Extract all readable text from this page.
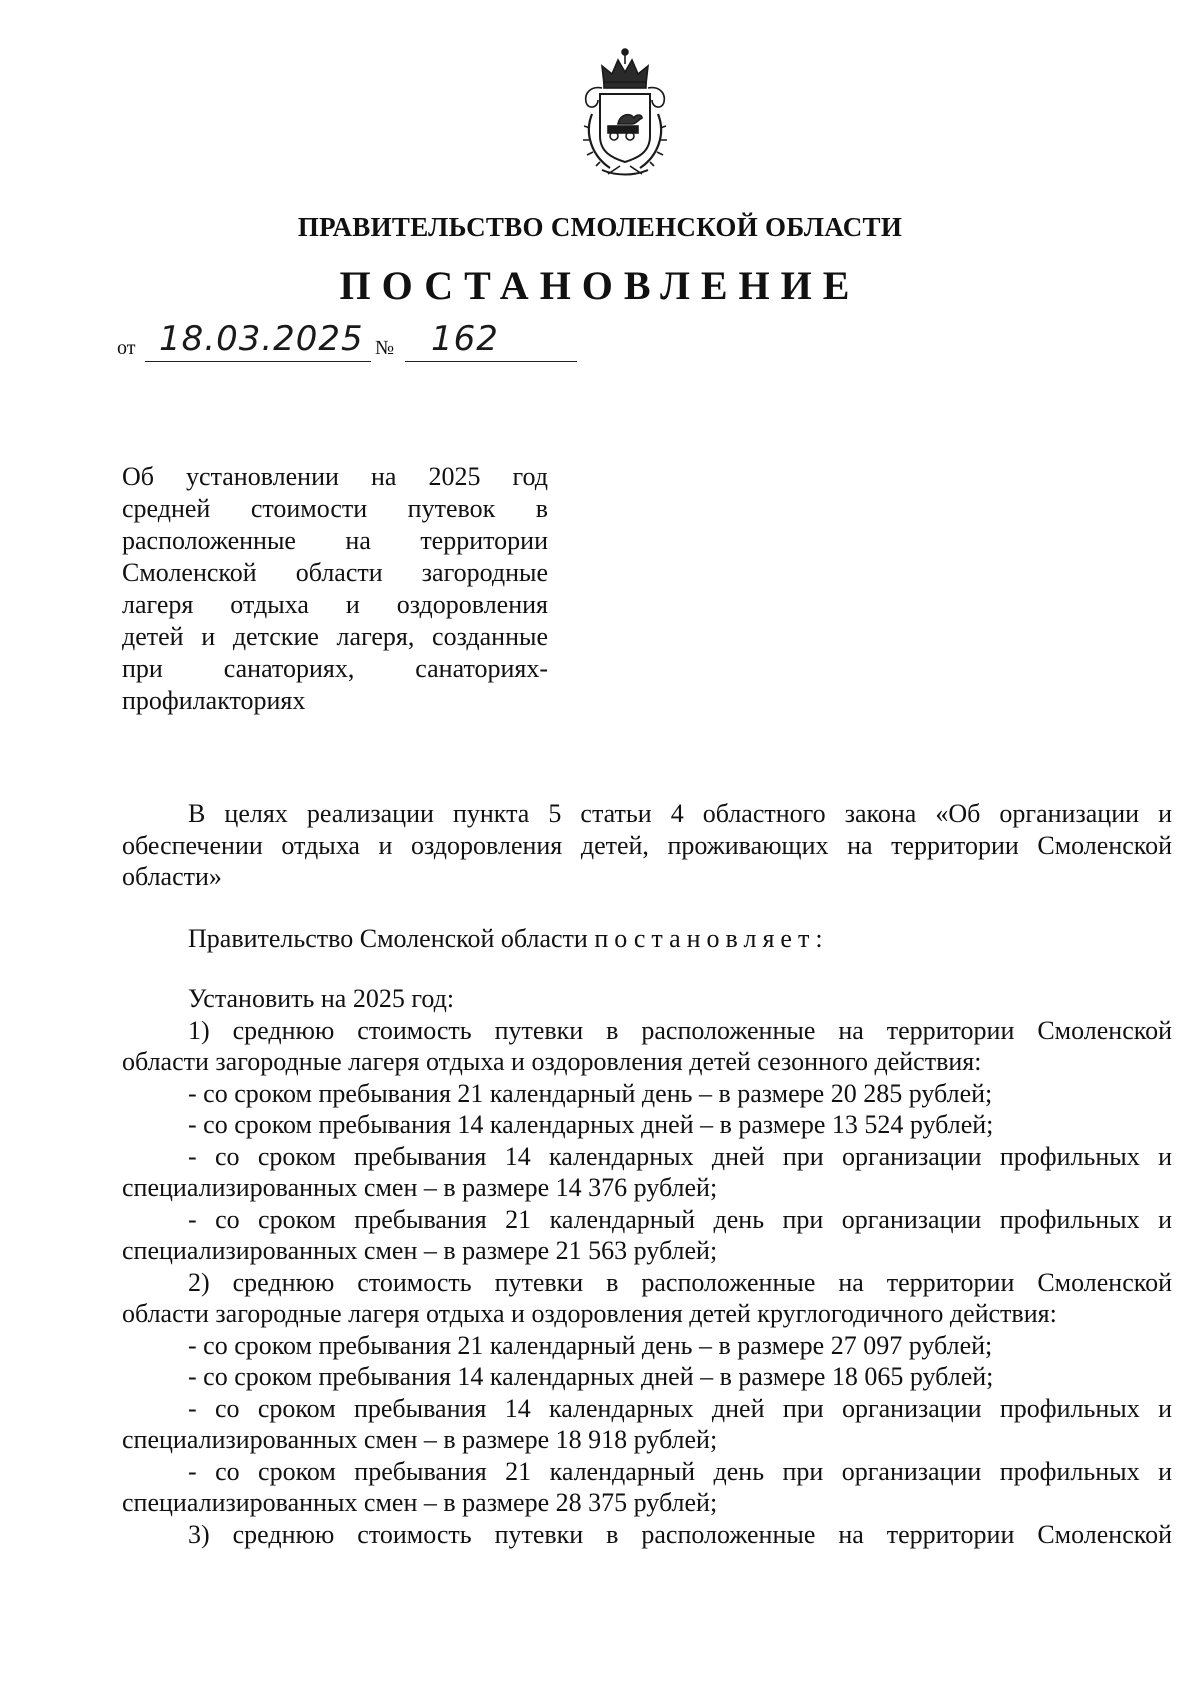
ПРАВИТЕЛЬСТВО СМОЛЕНСКОЙ ОБЛАСТИ
ПОСТАНОВЛЕНИЕ
от 18.03.2025 № 162
Об установлении на 2025 год
средней стоимости путевок в
расположенные на территории
Смоленской области загородные
лагеря отдыха и оздоровления
детей и детские лагеря, созданные
при санаториях, санаториях-
профилакториях
В целях реализации пункта 5 статьи 4 областного закона «Об организации и
обеспечении отдыха и оздоровления детей, проживающих на территории Смоленской
области»
Правительство Смоленской области постановляет:
Установить на 2025 год:
1) среднюю стоимость путевки в расположенные на территории Смоленской
области загородные лагеря отдыха и оздоровления детей сезонного действия:
- со сроком пребывания 21 календарный день – в размере 20 285 рублей;
- со сроком пребывания 14 календарных дней – в размере 13 524 рублей;
- со сроком пребывания 14 календарных дней при организации профильных и
специализированных смен – в размере 14 376 рублей;
- со сроком пребывания 21 календарный день при организации профильных и
специализированных смен – в размере 21 563 рублей;
2) среднюю стоимость путевки в расположенные на территории Смоленской
области загородные лагеря отдыха и оздоровления детей круглогодичного действия:
- со сроком пребывания 21 календарный день – в размере 27 097 рублей;
- со сроком пребывания 14 календарных дней – в размере 18 065 рублей;
- со сроком пребывания 14 календарных дней при организации профильных и
специализированных смен – в размере 18 918 рублей;
- со сроком пребывания 21 календарный день при организации профильных и
специализированных смен – в размере 28 375 рублей;
3) среднюю стоимость путевки в расположенные на территории Смоленской
